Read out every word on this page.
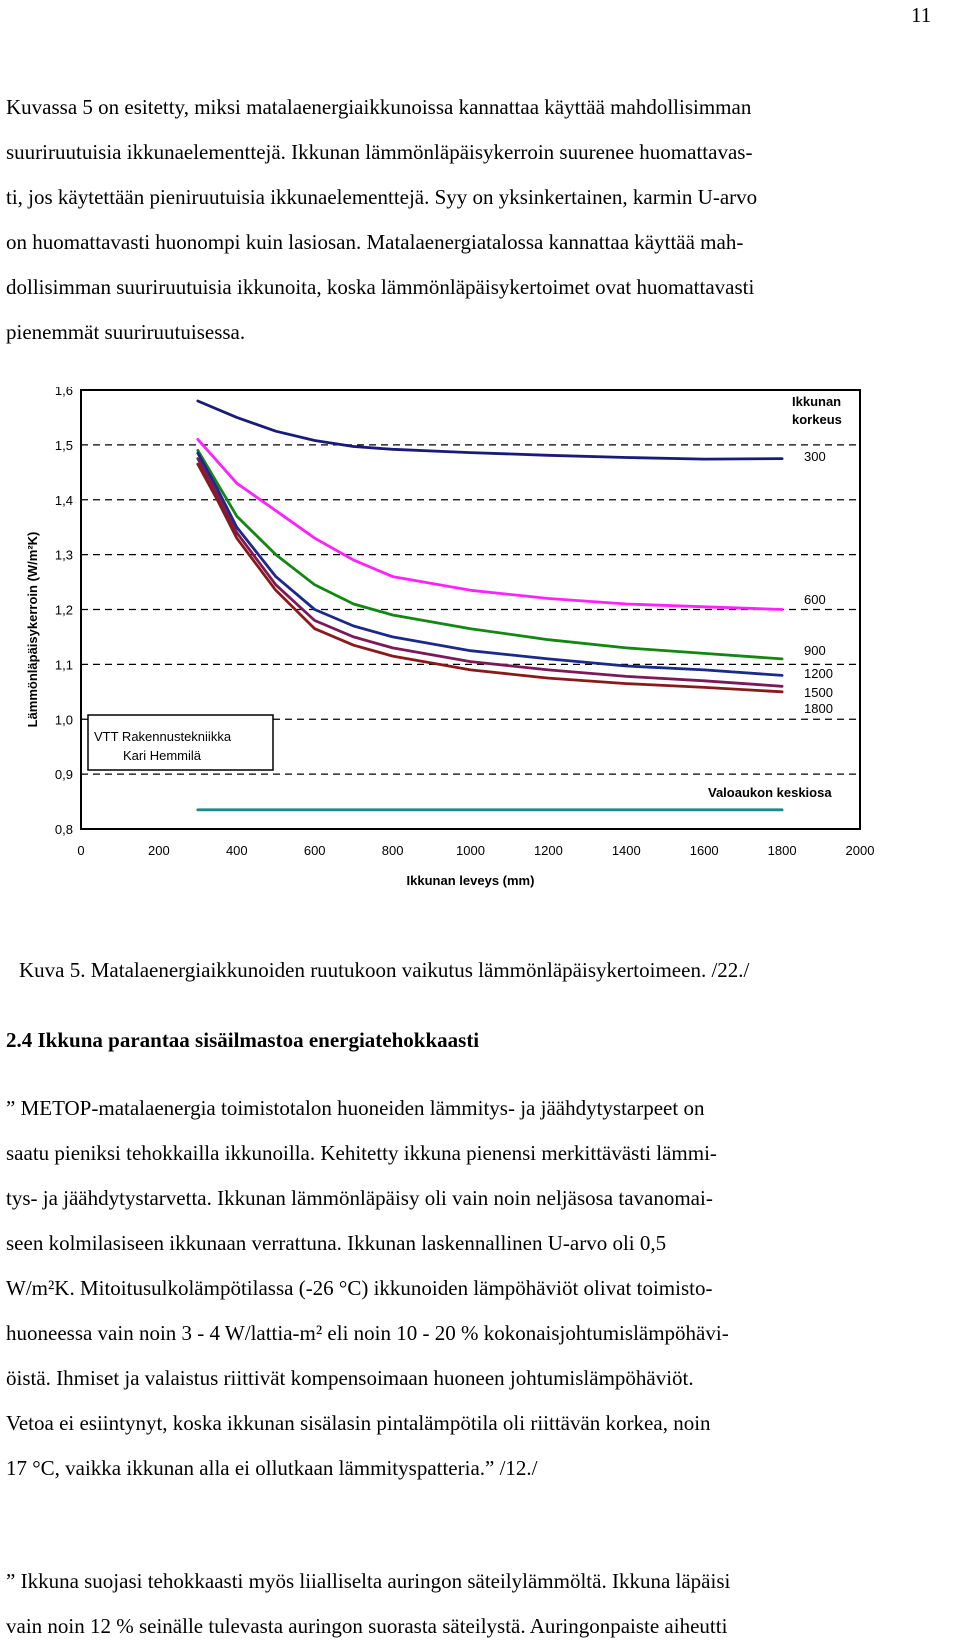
11

Kuvassa 5 on esitetty, miksi matalaenergiaikkunoissa kannattaa käyttää mahdollisimman
suuriruutuisia ikkunaelementtejä. Ikkunan lämmönläpäisykerroin suurenee huomattavas-
ti, jos käytettään pieniruutuisia ikkunaelementtejä. Syy on yksinkertainen, karmin U-arvo
on huomattavasti huonompi kuin lasiosan. Matalaenergiatalossa kannattaa käyttää mah-
dollisimman suuriruutuisia ikkunoita, koska lämmönläpäisykertoimet ovat huomattavasti
pienemmät suuriruutuisessa.

0,8
0,9
1,0
1,1
1,2
1,3
1,4
1,5
1,6
0	200	400	600	800	1000	1200	1400	1600	1800	2000
Ikkunan leveys (mm)
Lämmönläpäisykerroin (W/m²K)
Ikkunan
korkeus
300
600
900
1200
1500
1800
Valoaukon keskiosa
VTT Rakennustekniikka
Kari Hemmilä

Kuva 5. Matalaenergiaikkunoiden ruutukoon vaikutus lämmönläpäisykertoimeen. /22./

2.4 Ikkuna parantaa sisäilmastoa energiatehokkaasti

” METOP-matalaenergia toimistotalon huoneiden lämmitys- ja jäähdytystarpeet on
saatu pieniksi tehokkailla ikkunoilla. Kehitetty ikkuna pienensi merkittävästi lämmi-
tys- ja jäähdytystarvetta. Ikkunan lämmönläpäisy oli vain noin neljäsosa tavanomai-
seen kolmilasiseen ikkunaan verrattuna. Ikkunan laskennallinen U-arvo oli 0,5
W/m²K. Mitoitusulkolämpötilassa (-26 °C) ikkunoiden lämpöhäviöt olivat toimisto-
huoneessa vain noin 3 - 4 W/lattia-m² eli noin 10 - 20 % kokonaisjohtumislämpöhävi-
öistä. Ihmiset ja valaistus riittivät kompensoimaan huoneen johtumislämpöhäviöt.
Vetoa ei esiintynyt, koska ikkunan sisälasin pintalämpötila oli riittävän korkea, noin
17 °C, vaikka ikkunan alla ei ollutkaan lämmityspatteria.” /12./

” Ikkuna suojasi tehokkaasti myös liialliselta auringon säteilylämmöltä. Ikkuna läpäisi
vain noin 12 % seinälle tulevasta auringon suorasta säteilystä. Auringonpaiste aiheutti
